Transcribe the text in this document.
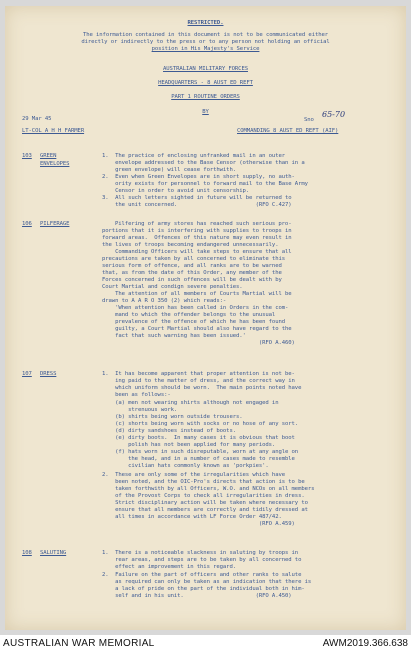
RESTRICTED.
The information contained in this document is not to be communicated either
directly or indirectly to the press or to any person not holding an official
position in His Majesty's Service
AUSTRALIAN MILITARY FORCES
HEADQUARTERS - 8 AUST ED REFT
PART 1 ROUTINE ORDERS
BY
29 Mar 45	Sno
LT-COL A H H FARMER	COMMANDING 8 AUST ED REFT (AIF)
103 GREEN
ENVELOPES
1.  The practice of enclosing unfranked mail in an outer
envelope addressed to the Base Censor (otherwise than in a
green envelope) will cease forthwith.
2.  Even when Green Envelopes are in short supply, no auth-
ority exists for personnel to forward mail to the Base Army
Censor in order to avoid unit censorship.
3.  All such letters sighted in future will be returned to
the unit concerned.                        (RFO C.427)
106 PILFERAGE	Pilfering of army stores has reached such serious pro-
portions that it is interfering with supplies to troops in
forward areas.  Offences of this nature may even result in
the lives of troops becoming endangered unnecessarily.
Commanding Officers will take steps to ensure that all
precautions are taken by all concerned to eliminate this
serious form of offence, and all ranks are to be warned
that, as from the date of this Order, any member of the
Forces concerned in such offences will be dealt with by
Court Martial and condign severe penalties.
The attention of all members of Courts Martial will be
drawn to A A R O 350 (2) which reads:-
'When attention has been called in Orders in the com-
mand to which the offender belongs to the unusual
prevalence of the offence of which he has been found
guilty, a Court Martial should also have regard to the
fact that such warning has been issued.'
(RFO A.460)
107 DRESS	1.  It has become apparent that proper attention is not be-
ing paid to the matter of dress, and the correct way in
which uniform should be worn.  The main points noted have
been as follows:-
(a) men not wearing shirts although not engaged in
strenuous work.
(b) shirts being worn outside trousers.
(c) shorts being worn with socks or no hose of any sort.
(d) dirty sandshoes instead of boots.
(e) dirty boots.  In many cases it is obvious that boot
polish has not been applied for many periods.
(f) hats worn in such disreputable, worn at any angle on
the head, and in a number of cases made to resemble
civilian hats commonly known as 'porkpies'.
2.  These are only some of the irregularities which have
been noted, and the OIC-Pro's directs that action is to be
taken forthwith by all Officers, W.O. and NCOs on all members
of the Provost Corps to check all irregularities in dress.
Strict disciplinary action will be taken where necessary to
ensure that all members are correctly and tidily dressed at
all times in accordance with LF Force Order 487/42.
(RFO A.459)
108 SALUTING	1.  There is a noticeable slackness in saluting by troops in
rear areas, and steps are to be taken by all concerned to
effect an improvement in this regard.
2.  Failure on the part of officers and other ranks to salute
as required can only be taken as an indication that there is
a lack of pride on the part of the individual both in him-
self and in his unit.                      (RFO A.450)
65-70
AUSTRALIAN WAR MEMORIAL	AWM2019.366.638
